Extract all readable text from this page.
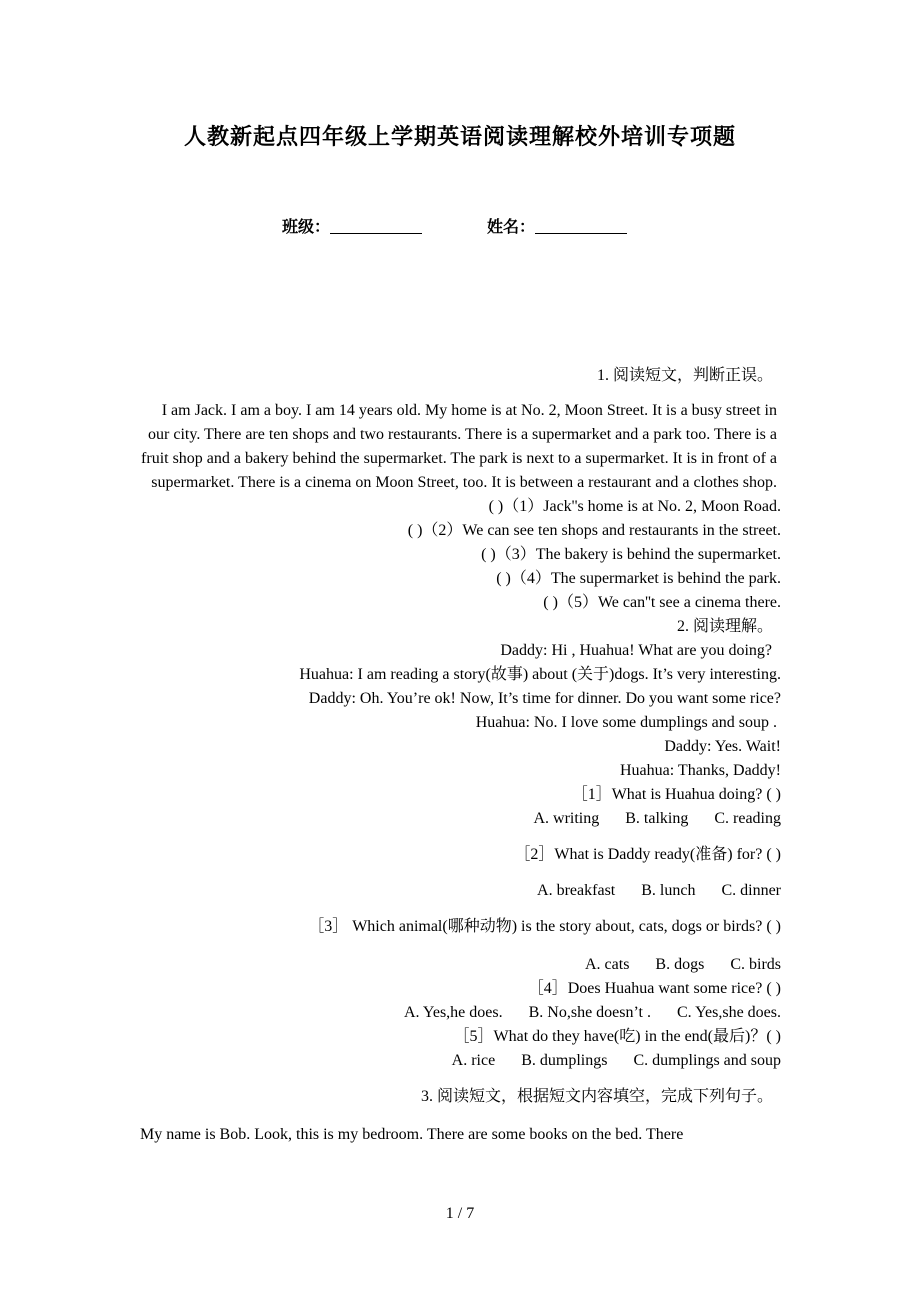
人教新起点四年级上学期英语阅读理解校外培训专项题
班级：	姓名：

1. 阅读短文，判断正误。

I am Jack. I am a boy. I am 14 years old. My home is at No. 2, Moon Street. It is a busy street in our city. There are ten shops and two restaurants. There is a supermarket and a park too. There is a fruit shop and a bakery behind the supermarket. The park is next to a supermarket. It is in front of a supermarket. There is a cinema on Moon Street, too. It is between a restaurant and a clothes shop.

( )（1）Jack''s home is at No. 2, Moon Road.

( )（2）We can see ten shops and restaurants in the street.

( )（3）The bakery is behind the supermarket.

( )（4）The supermarket is behind the park.

( )（5）We can''t see a cinema there.

2. 阅读理解。

Daddy: Hi , Huahua! What are you doing?

Huahua: I am reading a story(故事) about (关于)dogs. It’s very interesting.

Daddy: Oh. You’re ok! Now, It’s time for dinner. Do you want some rice?

Huahua: No. I love some dumplings and soup .

Daddy: Yes. Wait!

Huahua: Thanks, Daddy!

［1］What is Huahua doing? ( )

A. writing B. talking C. reading

［2］What is Daddy ready(准备) for? ( )

A. breakfast B. lunch C. dinner

［3］ Which animal(哪种动物) is the story about, cats, dogs or birds? ( )

A. cats B. dogs C. birds

［4］Does Huahua want some rice? ( )

A. Yes,he does. B. No,she doesn’t . C. Yes,she does.

［5］What do they have(吃) in the end(最后)？( )

A. rice B. dumplings C. dumplings and soup

3. 阅读短文，根据短文内容填空，完成下列句子。

My name is Bob. Look, this is my bedroom. There are some books on the bed. There

1 / 7
